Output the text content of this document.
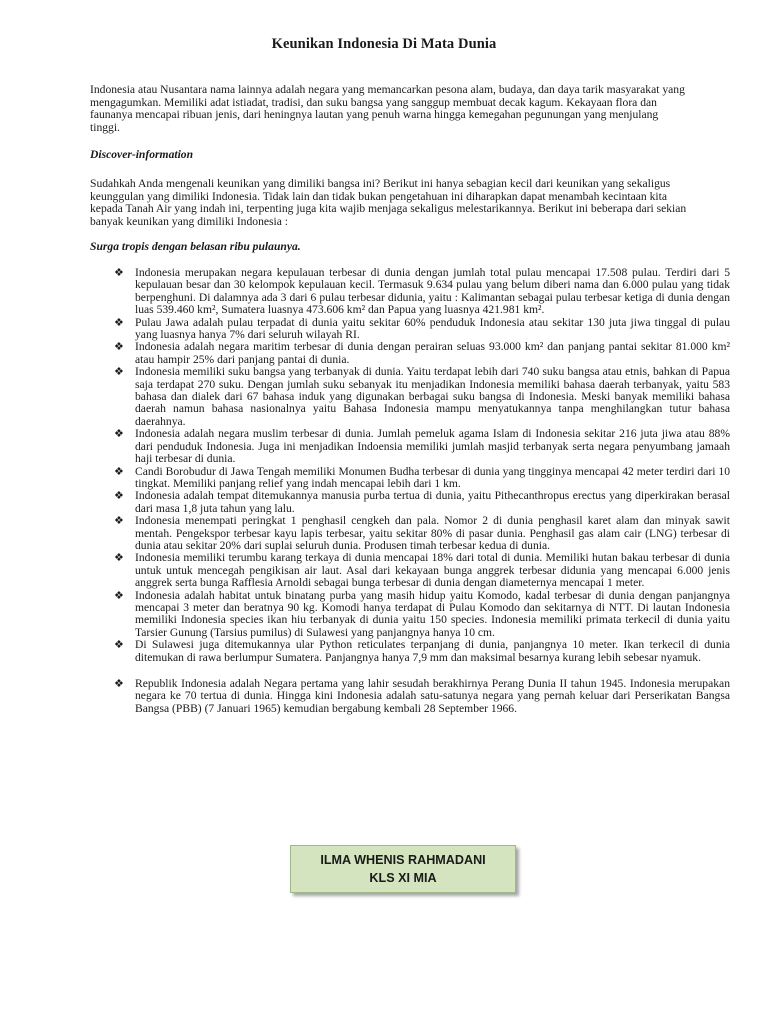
Keunikan Indonesia Di Mata Dunia

Indonesia atau Nusantara nama lainnya adalah negara yang memancarkan pesona alam, budaya, dan daya tarik masyarakat yang mengagumkan. Memiliki adat istiadat, tradisi, dan suku bangsa yang sanggup membuat decak kagum. Kekayaan flora dan faunanya mencapai ribuan jenis, dari heningnya lautan yang penuh warna hingga kemegahan pegunungan yang menjulang tinggi.

Discover-information

Sudahkah Anda mengenali keunikan yang dimiliki bangsa ini? Berikut ini hanya sebagian kecil dari keunikan yang sekaligus keunggulan yang dimiliki Indonesia. Tidak lain dan tidak bukan pengetahuan ini diharapkan dapat menambah kecintaan kita kepada Tanah Air yang indah ini, terpenting juga kita wajib menjaga sekaligus melestarikannya. Berikut ini beberapa dari sekian banyak keunikan yang dimiliki Indonesia :

Surga tropis dengan belasan ribu pulaunya.

❖ Indonesia merupakan negara kepulauan terbesar di dunia dengan jumlah total pulau mencapai 17.508 pulau. Terdiri dari 5 kepulauan besar dan 30 kelompok kepulauan kecil. Termasuk 9.634 pulau yang belum diberi nama dan 6.000 pulau yang tidak berpenghuni. Di dalamnya ada 3 dari 6 pulau terbesar didunia, yaitu : Kalimantan sebagai pulau terbesar ketiga di dunia dengan luas 539.460 km², Sumatera luasnya 473.606 km² dan Papua yang luasnya 421.981 km².
❖ Pulau Jawa adalah pulau terpadat di dunia yaitu sekitar 60% penduduk Indonesia atau sekitar 130 juta jiwa tinggal di pulau yang luasnya hanya 7% dari seluruh wilayah RI.
❖ Indonesia adalah negara maritim terbesar di dunia dengan perairan seluas 93.000 km² dan panjang pantai sekitar 81.000 km² atau hampir 25% dari panjang pantai di dunia.
❖ Indonesia memiliki suku bangsa yang terbanyak di dunia. Yaitu terdapat lebih dari 740 suku bangsa atau etnis, bahkan di Papua saja terdapat 270 suku. Dengan jumlah suku sebanyak itu menjadikan Indonesia memiliki bahasa daerah terbanyak, yaitu 583 bahasa dan dialek dari 67 bahasa induk yang digunakan berbagai suku bangsa di Indonesia. Meski banyak memiliki bahasa daerah namun bahasa nasionalnya yaitu Bahasa Indonesia mampu menyatukannya tanpa menghilangkan tutur bahasa daerahnya.
❖ Indonesia adalah negara muslim terbesar di dunia. Jumlah pemeluk agama Islam di Indonesia sekitar 216 juta jiwa atau 88% dari penduduk Indonesia. Juga ini menjadikan Indoensia memiliki jumlah masjid terbanyak serta negara penyumbang jamaah haji terbesar di dunia.
❖ Candi Borobudur di Jawa Tengah memiliki Monumen Budha terbesar di dunia yang tingginya mencapai 42 meter terdiri dari 10 tingkat. Memiliki panjang relief yang indah mencapai lebih dari 1 km.
❖ Indonesia adalah tempat ditemukannya manusia purba tertua di dunia, yaitu Pithecanthropus erectus yang diperkirakan berasal dari masa 1,8 juta tahun yang lalu.
❖ Indonesia menempati peringkat 1 penghasil cengkeh dan pala. Nomor 2 di dunia penghasil karet alam dan minyak sawit mentah. Pengekspor terbesar kayu lapis terbesar, yaitu sekitar 80% di pasar dunia. Penghasil gas alam cair (LNG) terbesar di dunia atau sekitar 20% dari suplai seluruh dunia. Produsen timah terbesar kedua di dunia.
❖ Indonesia memiliki terumbu karang terkaya di dunia mencapai 18% dari total di dunia. Memiliki hutan bakau terbesar di dunia untuk untuk mencegah pengikisan air laut. Asal dari kekayaan bunga anggrek terbesar didunia yang mencapai 6.000 jenis anggrek serta bunga Rafflesia Arnoldi sebagai bunga terbesar di dunia dengan diameternya mencapai 1 meter.
❖ Indonesia adalah habitat untuk binatang purba yang masih hidup yaitu Komodo, kadal terbesar di dunia dengan panjangnya mencapai 3 meter dan beratnya 90 kg. Komodi hanya terdapat di Pulau Komodo dan sekitarnya di NTT. Di lautan Indonesia memiliki Indonesia species ikan hiu terbanyak di dunia yaitu 150 species. Indonesia memiliki primata terkecil di dunia yaitu Tarsier Gunung (Tarsius pumilus) di Sulawesi yang panjangnya hanya 10 cm.
❖ Di Sulawesi juga ditemukannya ular Python reticulates terpanjang di dunia, panjangnya 10 meter. Ikan terkecil di dunia ditemukan di rawa berlumpur Sumatera. Panjangnya hanya 7,9 mm dan maksimal besarnya kurang lebih sebesar nyamuk.
❖ Republik Indonesia adalah Negara pertama yang lahir sesudah berakhirnya Perang Dunia II tahun 1945. Indonesia merupakan negara ke 70 tertua di dunia. Hingga kini Indonesia adalah satu-satunya negara yang pernah keluar dari Perserikatan Bangsa Bangsa (PBB) (7 Januari 1965) kemudian bergabung kembali 28 September 1966.
ILMA WHENIS RAHMADANI
KLS XI MIA
